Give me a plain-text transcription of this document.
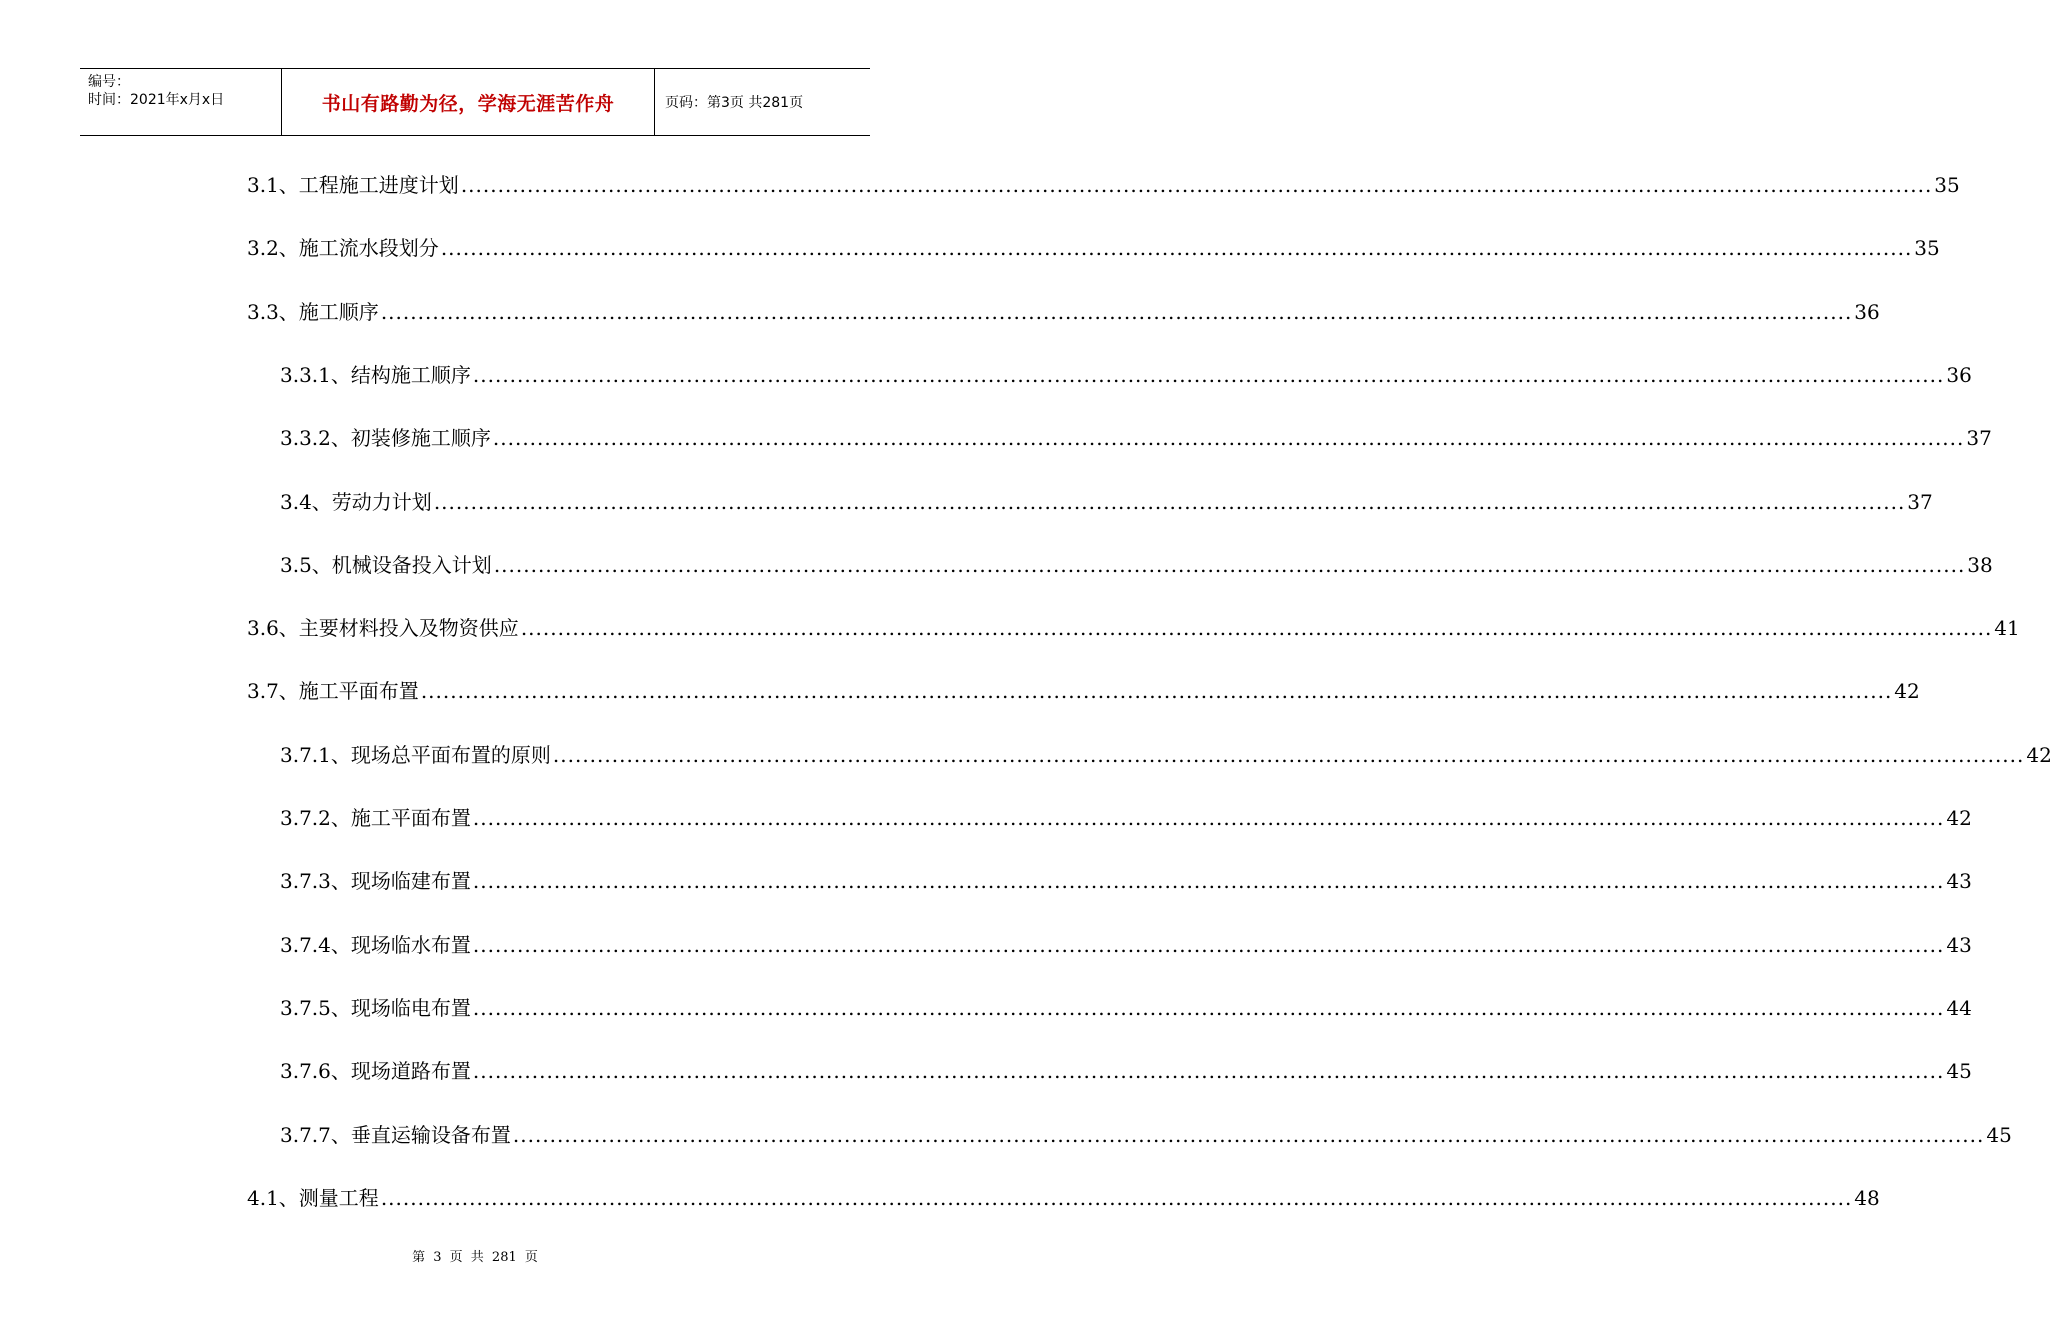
编号：
时间：2021年x月x日	书山有路勤为径，学海无涯苦作舟	页码：第3页 共281页
3.1、工程施工进度计划 ........................................................................................................................................................................................................ 35
3.2、施工流水段划分 ........................................................................................................................................................................................................ 35
3.3、施工顺序 ........................................................................................................................................................................................................ 36
3.3.1、结构施工顺序 ........................................................................................................................................................................................................ 36
3.3.2、初装修施工顺序 ........................................................................................................................................................................................................ 37
3.4、劳动力计划 ........................................................................................................................................................................................................ 37
3.5、机械设备投入计划 ........................................................................................................................................................................................................ 38
3.6、主要材料投入及物资供应 ........................................................................................................................................................................................................ 41
3.7、施工平面布置 ........................................................................................................................................................................................................ 42
3.7.1、现场总平面布置的原则 ........................................................................................................................................................................................................ 42
3.7.2、施工平面布置 ........................................................................................................................................................................................................ 42
3.7.3、现场临建布置 ........................................................................................................................................................................................................ 43
3.7.4、现场临水布置 ........................................................................................................................................................................................................ 43
3.7.5、现场临电布置 ........................................................................................................................................................................................................ 44
3.7.6、现场道路布置 ........................................................................................................................................................................................................ 45
3.7.7、垂直运输设备布置 ........................................................................................................................................................................................................ 45
4.1、测量工程 ........................................................................................................................................................................................................ 48
第 3 页 共 281 页
